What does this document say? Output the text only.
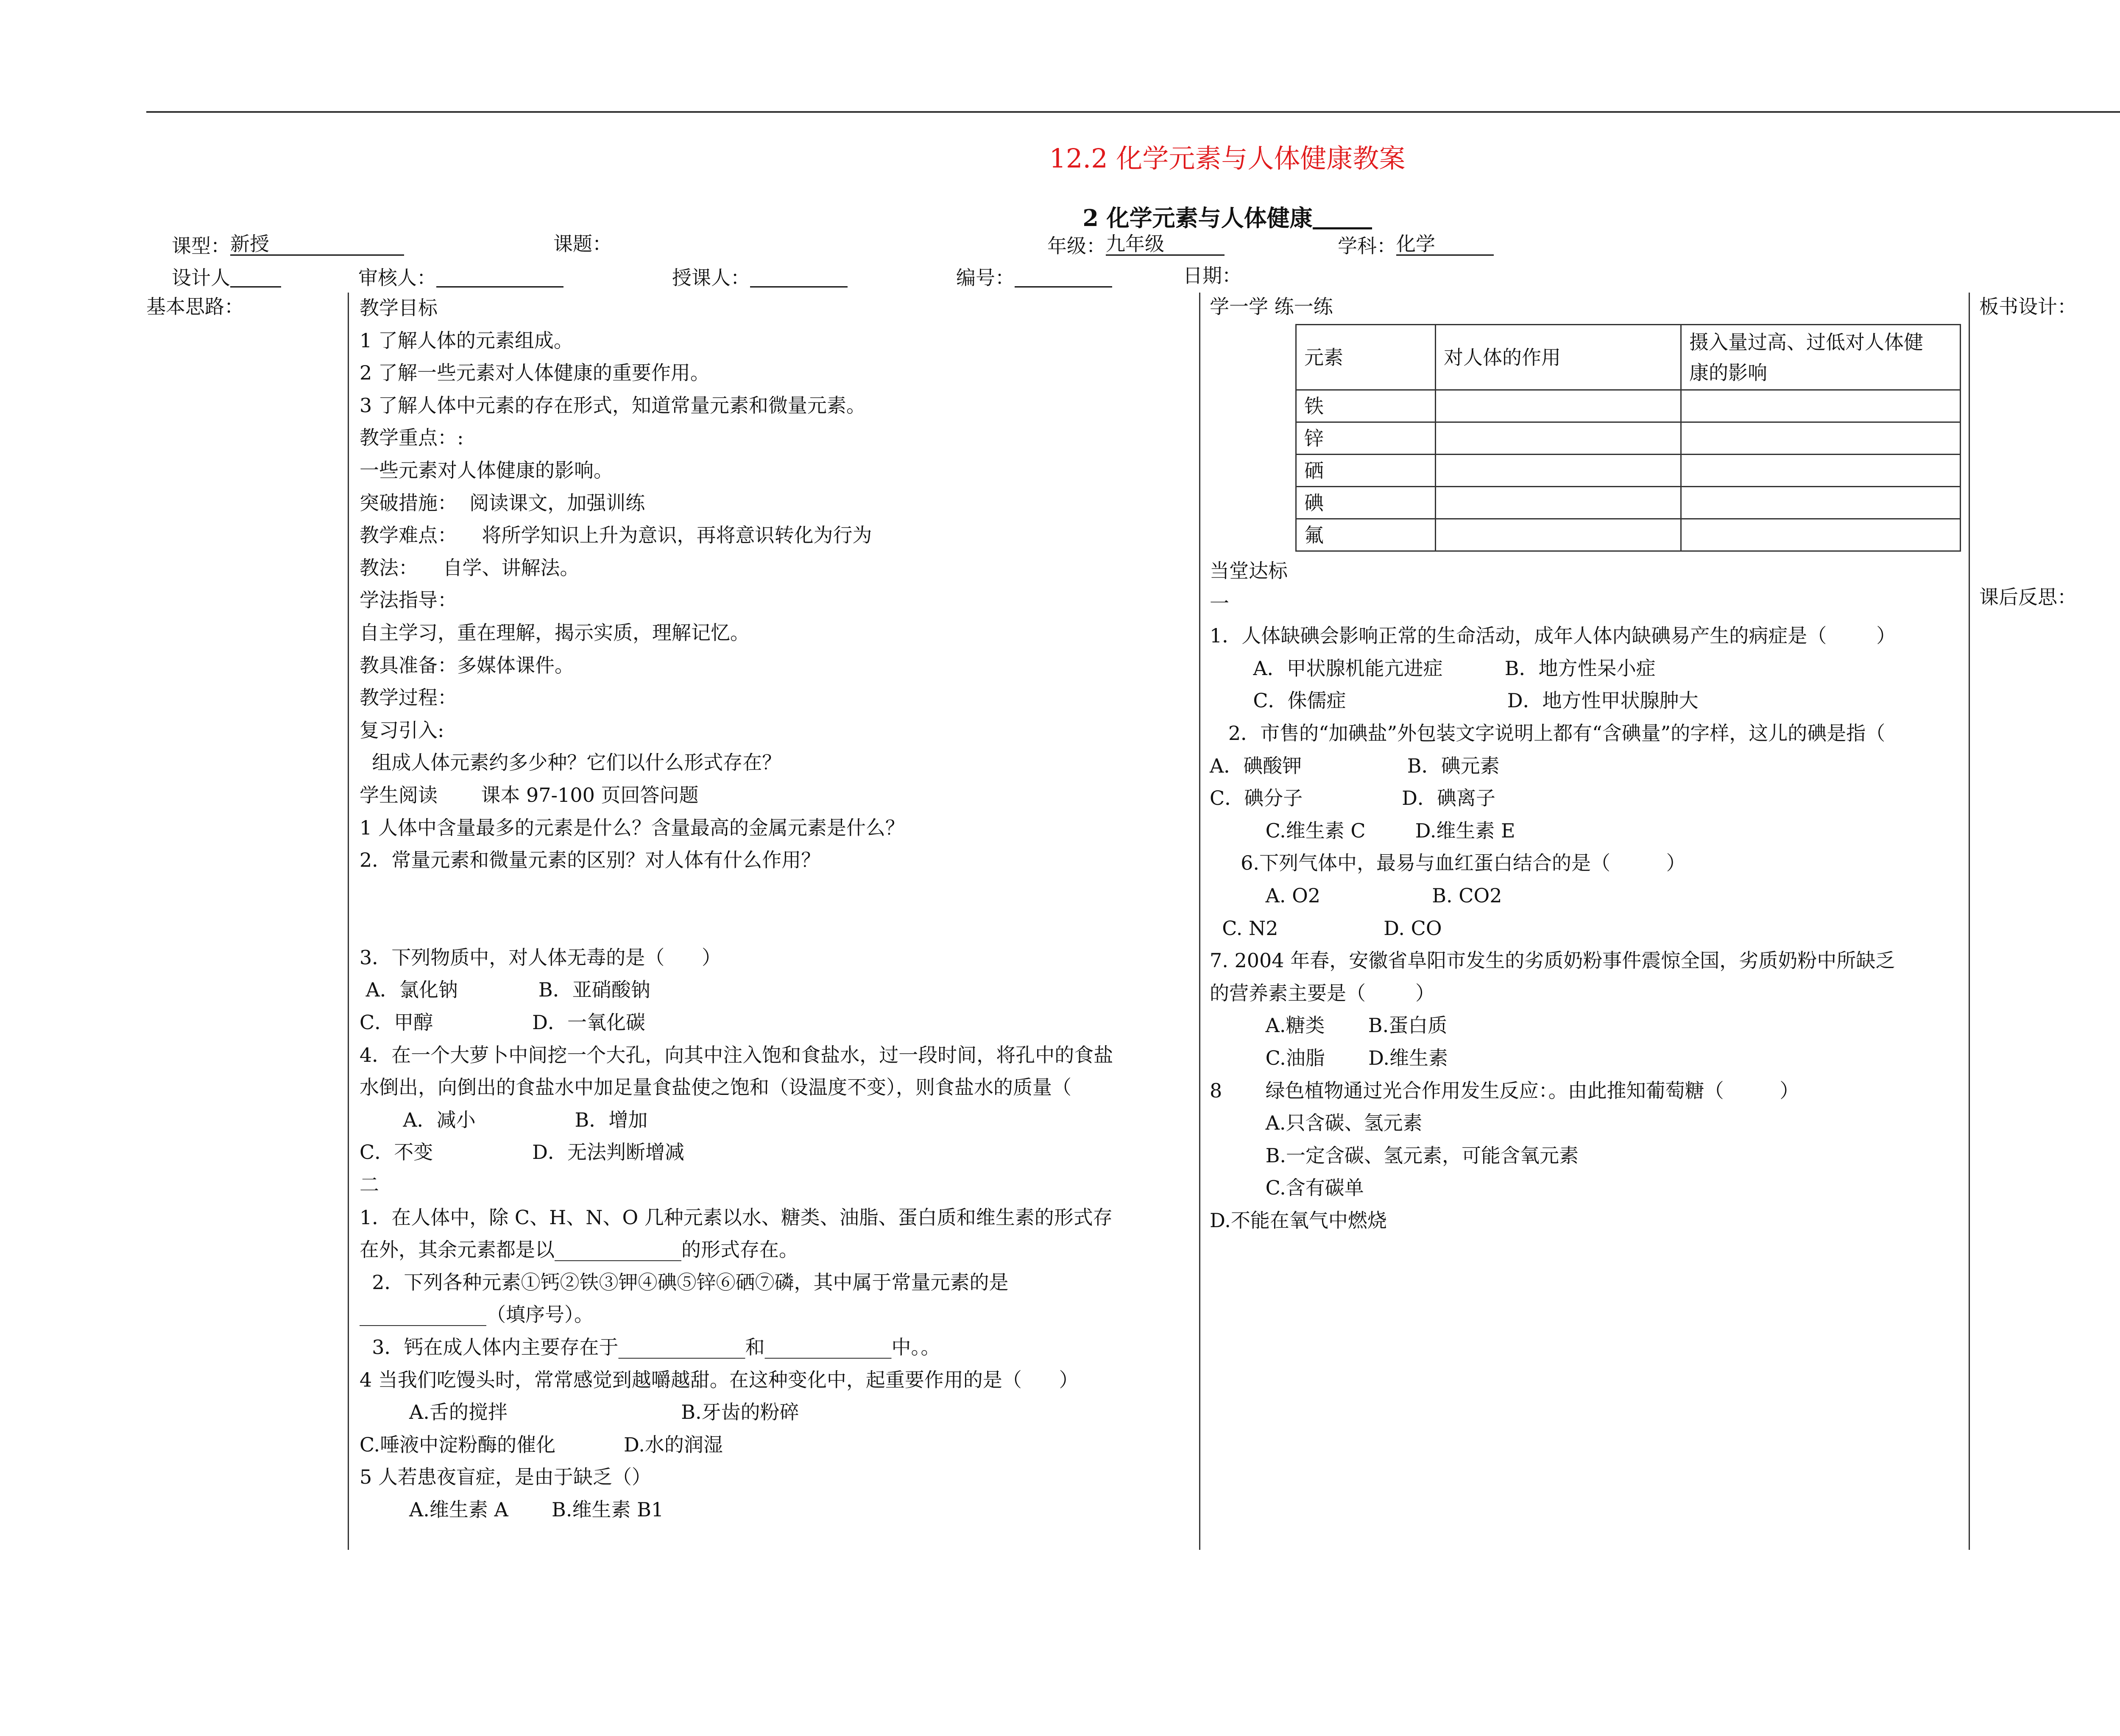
12.2 化学元素与人体健康教案
2 化学元素与人体健康
课型：新授	课题：	年级：九年级	学科：化学
设计人	审核人：	授课人：	编号：	日期：
基本思路：	教学目标
1 了解人体的元素组成。
2 了解一些元素对人体健康的重要作用。
3 了解人体中元素的存在形式，知道常量元素和微量元素。
教学重点：:
一些元素对人体健康的影响。
突破措施：  阅读课文，加强训练
教学难点：    将所学知识上升为意识，再将意识转化为行为
教法：    自学、讲解法。
学法指导：
自主学习，重在理解，揭示实质，理解记忆。
教具准备：多媒体课件。
教学过程：
复习引入:
组成人体元素约多少种？它们以什么形式存在？
学生阅读       课本 97-100 页回答问题
1 人体中含量最多的元素是什么？含量最高的金属元素是什么？
2．常量元素和微量元素的区别？对人体有什么作用？
3．下列物质中，对人体无毒的是（      ）
A．氯化钠             B．亚硝酸钠
C．甲醇                D．一氧化碳
4．在一个大萝卜中间挖一个大孔，向其中注入饱和食盐水，过一段时间，将孔中的食盐
水倒出，向倒出的食盐水中加足量食盐使之饱和（设温度不变），则食盐水的质量（
A．减小                B．增加
C．不变                D．无法判断增减
二
1．在人体中，除 C、H、N、O 几种元素以水、糖类、油脂、蛋白质和维生素的形式存
在外，其余元素都是以_____________的形式存在。
2．下列各种元素①钙②铁③钾④碘⑤锌⑥硒⑦磷，其中属于常量元素的是
_____________（填序号）。
3．钙在成人体内主要存在于_____________和_____________中。。
4 当我们吃馒头时，常常感觉到越嚼越甜。在这种变化中，起重要作用的是（      ）
A.舌的搅拌                            B.牙齿的粉碎
C.唾液中淀粉酶的催化           D.水的润湿
5 人若患夜盲症，是由于缺乏（）
A.维生素 A       B.维生素 B1
学一学 练一练
元素	对人体的作用	摄入量过高、过低对人体健
康的影响
铁		
锌		
硒		
碘		
氟		
当堂达标
一
1．人体缺碘会影响正常的生命活动，成年人体内缺碘易产生的病症是（        ）
A．甲状腺机能亢进症          B．地方性呆小症
C．侏儒症                          D．地方性甲状腺肿大
2．市售的“加碘盐”外包装文字说明上都有“含碘量”的字样，这儿的碘是指（
A．碘酸钾                 B．碘元素
C．碘分子                D．碘离子
C.维生素 C        D.维生素 E
6.下列气体中，最易与血红蛋白结合的是（         ）
A. O2                  B. CO2
C. N2                 D. CO
7. 2004 年春，安徽省阜阳市发生的劣质奶粉事件震惊全国，劣质奶粉中所缺乏
的营养素主要是（        ）
A.糖类       B.蛋白质
C.油脂       D.维生素
8       绿色植物通过光合作用发生反应：。由此推知葡萄糖（         ）
A.只含碳、氢元素
B.一定含碳、氢元素，可能含氧元素
C.含有碳单
D.不能在氧气中燃烧
板书设计：
课后反思：
